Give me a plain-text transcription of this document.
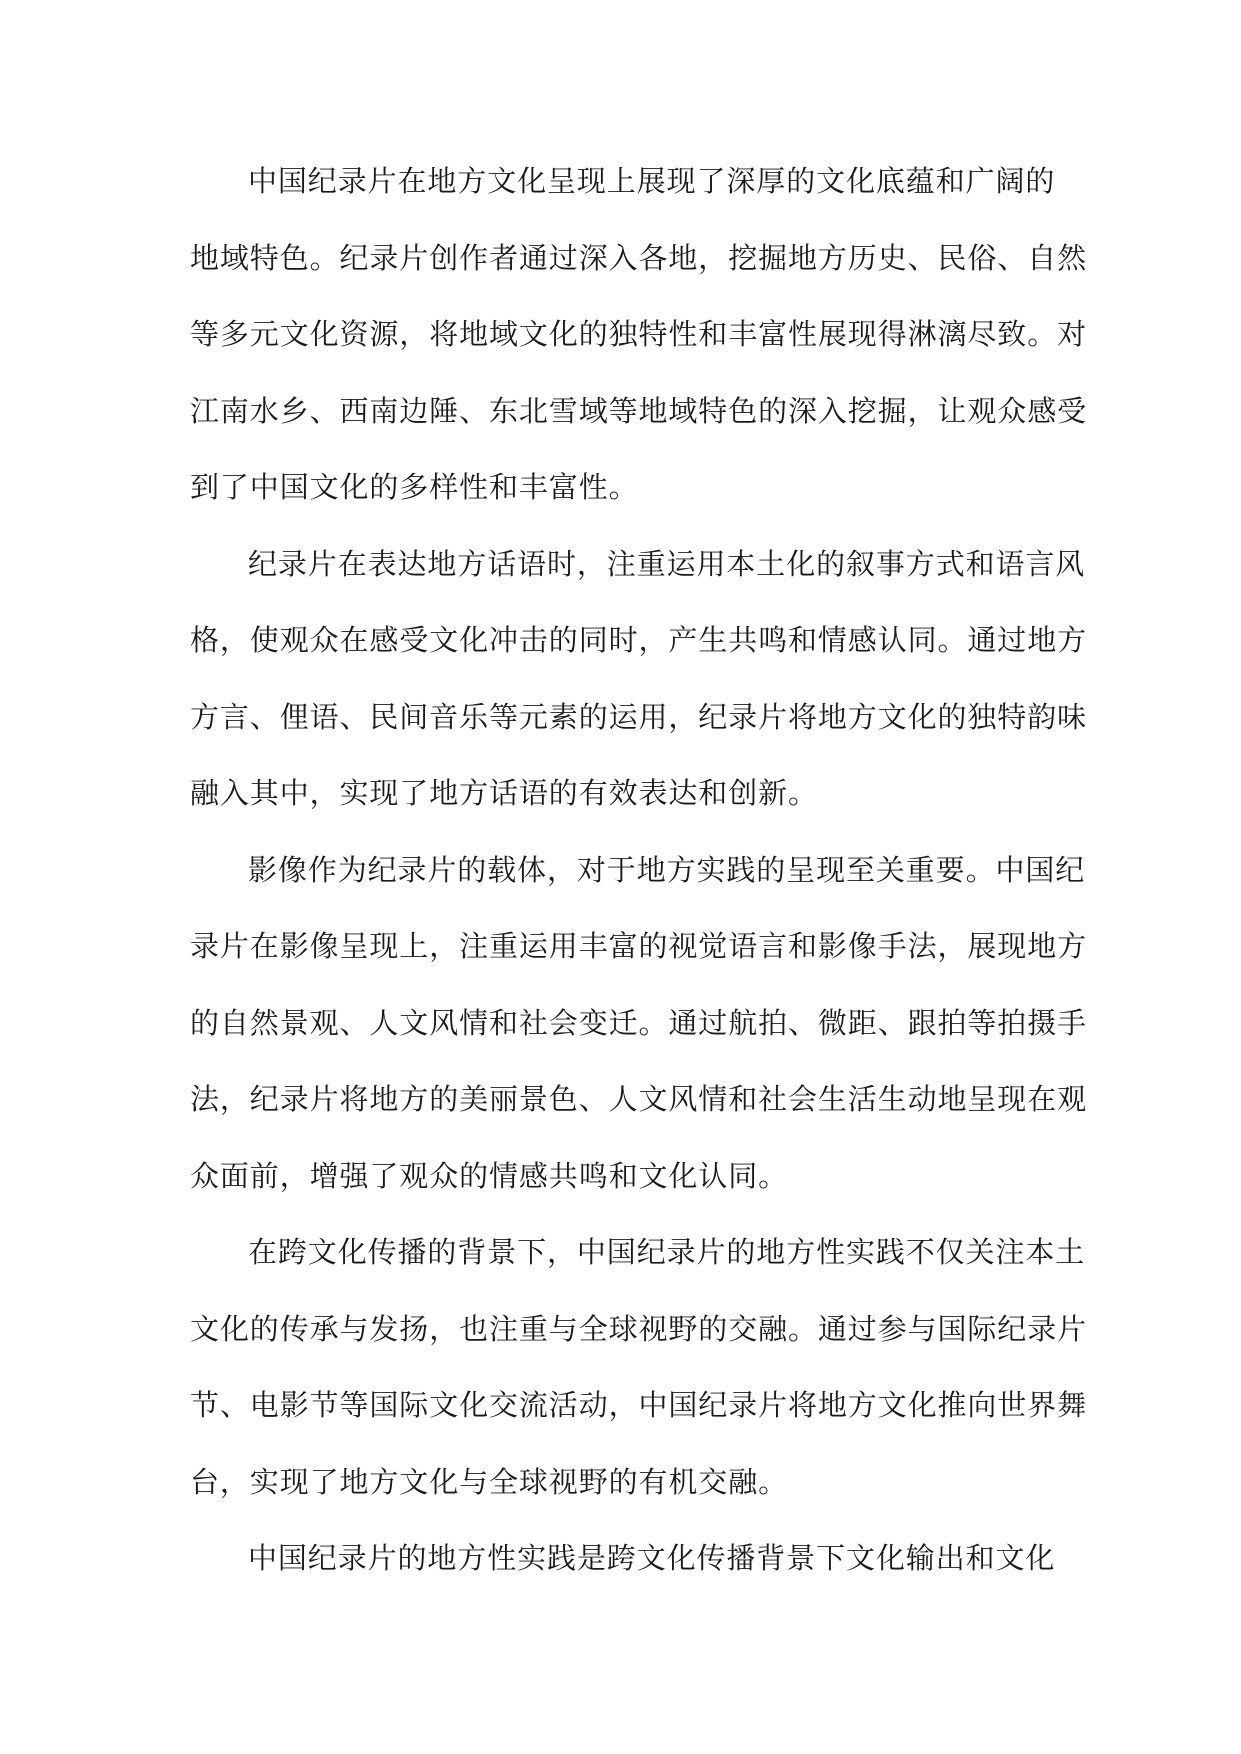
中国纪录片在地方文化呈现上展现了深厚的文化底蕴和广阔的
地域特色。纪录片创作者通过深入各地，挖掘地方历史、民俗、自然
等多元文化资源，将地域文化的独特性和丰富性展现得淋漓尽致。对
江南水乡、西南边陲、东北雪域等地域特色的深入挖掘，让观众感受
到了中国文化的多样性和丰富性。

纪录片在表达地方话语时，注重运用本土化的叙事方式和语言风
格，使观众在感受文化冲击的同时，产生共鸣和情感认同。通过地方
方言、俚语、民间音乐等元素的运用，纪录片将地方文化的独特韵味
融入其中，实现了地方话语的有效表达和创新。

影像作为纪录片的载体，对于地方实践的呈现至关重要。中国纪
录片在影像呈现上，注重运用丰富的视觉语言和影像手法，展现地方
的自然景观、人文风情和社会变迁。通过航拍、微距、跟拍等拍摄手
法，纪录片将地方的美丽景色、人文风情和社会生活生动地呈现在观
众面前，增强了观众的情感共鸣和文化认同。

在跨文化传播的背景下，中国纪录片的地方性实践不仅关注本土
文化的传承与发扬，也注重与全球视野的交融。通过参与国际纪录片
节、电影节等国际文化交流活动，中国纪录片将地方文化推向世界舞
台，实现了地方文化与全球视野的有机交融。

中国纪录片的地方性实践是跨文化传播背景下文化输出和文化
